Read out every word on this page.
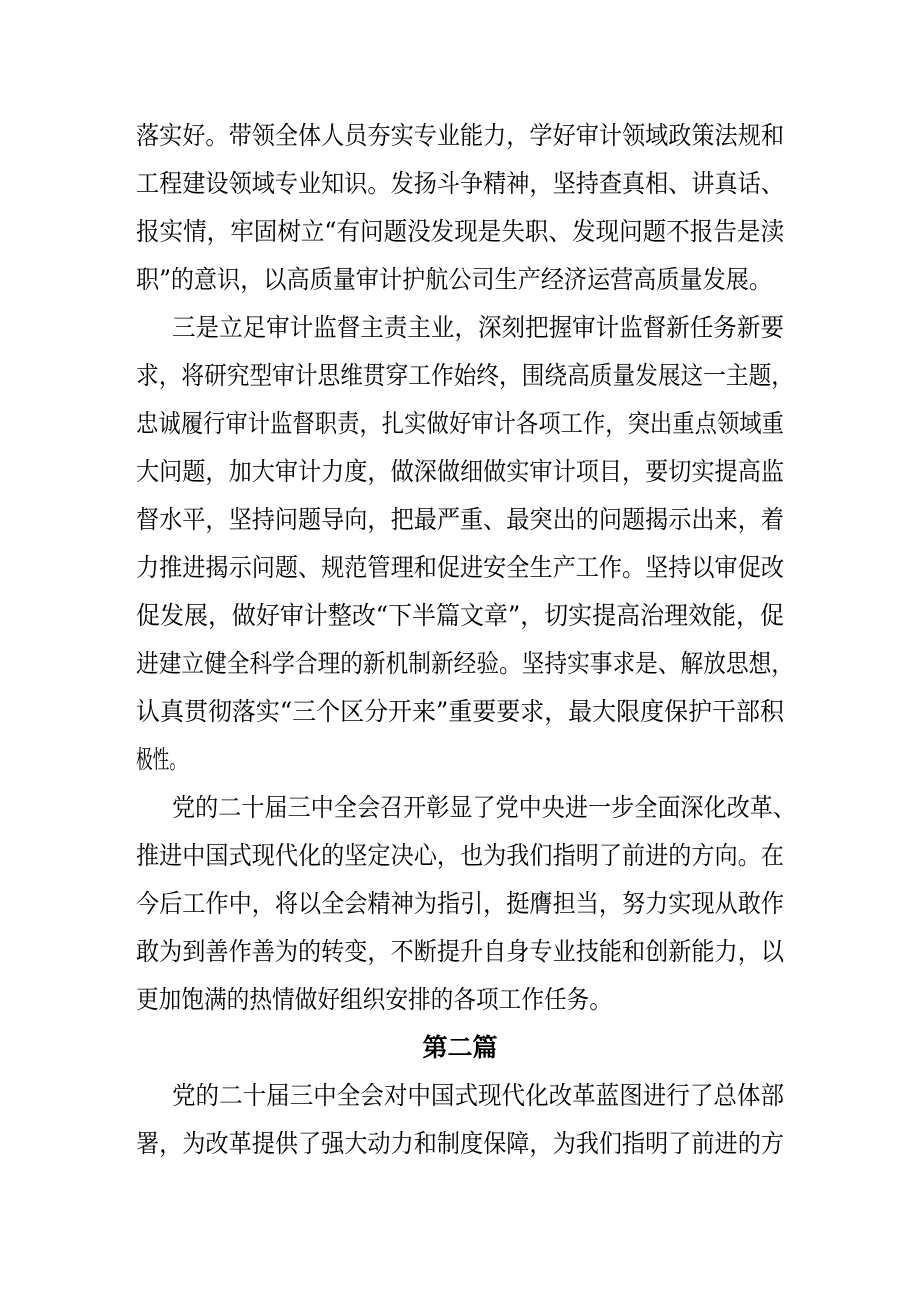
落实好。带领全体人员夯实专业能力，学好审计领域政策法规和
工程建设领域专业知识。发扬斗争精神，坚持查真相、讲真话、
报实情，牢固树立“有问题没发现是失职、发现问题不报告是渎
职”的意识，以高质量审计护航公司生产经济运营高质量发展。
三是立足审计监督主责主业，深刻把握审计监督新任务新要
求，将研究型审计思维贯穿工作始终，围绕高质量发展这一主题，
忠诚履行审计监督职责，扎实做好审计各项工作，突出重点领域重
大问题，加大审计力度，做深做细做实审计项目，要切实提高监
督水平，坚持问题导向，把最严重、最突出的问题揭示出来，着
力推进揭示问题、规范管理和促进安全生产工作。坚持以审促改
促发展，做好审计整改“下半篇文章”，切实提高治理效能，促
进建立健全科学合理的新机制新经验。坚持实事求是、解放思想，
认真贯彻落实“三个区分开来”重要要求，最大限度保护干部积
极性。
党的二十届三中全会召开彰显了党中央进一步全面深化改革、
推进中国式现代化的坚定决心，也为我们指明了前进的方向。在
今后工作中，将以全会精神为指引，挺膺担当，努力实现从敢作
敢为到善作善为的转变，不断提升自身专业技能和创新能力，以
更加饱满的热情做好组织安排的各项工作任务。
第二篇
党的二十届三中全会对中国式现代化改革蓝图进行了总体部
署，为改革提供了强大动力和制度保障，为我们指明了前进的方
